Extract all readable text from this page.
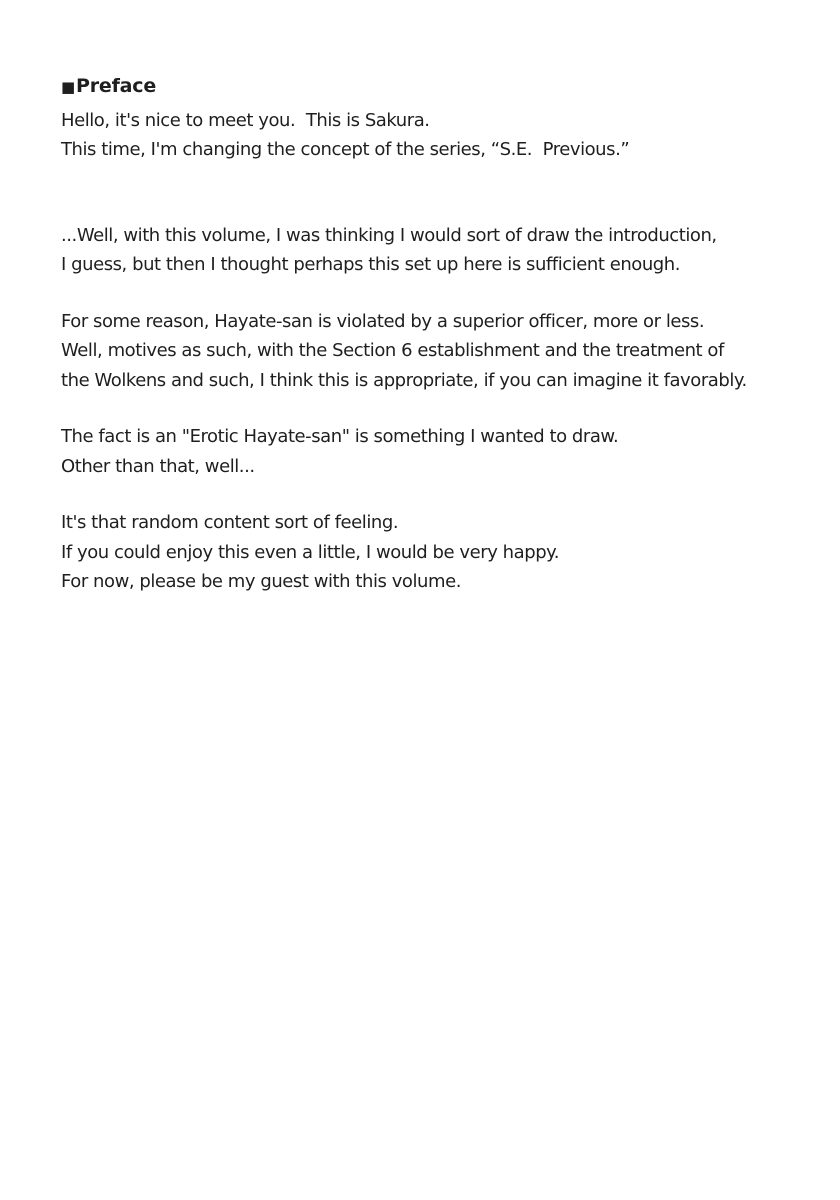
■Preface
Hello, it's nice to meet you.  This is Sakura.
This time, I'm changing the concept of the series, “S.E.  Previous.”
...Well, with this volume, I was thinking I would sort of draw the introduction,
I guess, but then I thought perhaps this set up here is sufficient enough.
For some reason, Hayate-san is violated by a superior officer, more or less.
Well, motives as such, with the Section 6 establishment and the treatment of
the Wolkens and such, I think this is appropriate, if you can imagine it favorably.
The fact is an "Erotic Hayate-san" is something I wanted to draw.
Other than that, well...
It's that random content sort of feeling.
If you could enjoy this even a little, I would be very happy.
For now, please be my guest with this volume.
